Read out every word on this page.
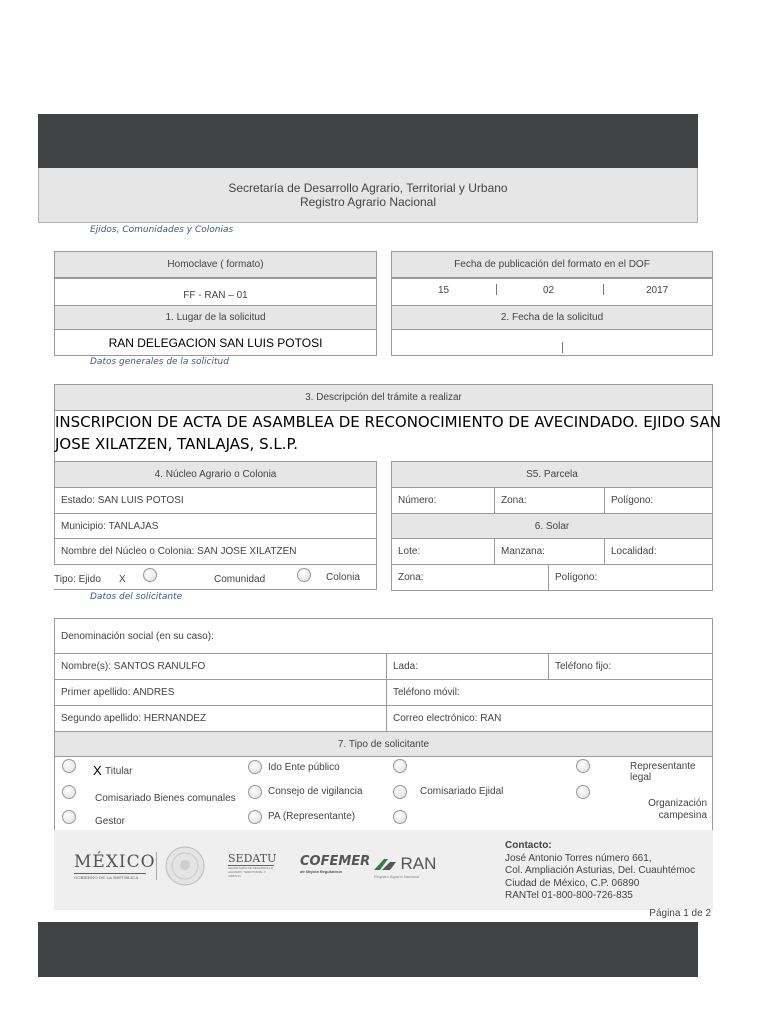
Secretaría de Desarrollo Agrario, Territorial y Urbano
Registro Agrario Nacional
Ejidos, Comunidades y Colonias
Homoclave ( formato)
FF - RAN – 01
1. Lugar de la solicitud
RAN DELEGACION SAN LUIS POTOSI
Fecha de publicación del formato en el DOF
15	02	2017
2. Fecha de la solicitud
Datos generales de la solicitud
3. Descripción del trámite a realizar
INSCRIPCION DE ACTA DE ASAMBLEA DE RECONOCIMIENTO DE AVECINDADO. EJIDO SAN
JOSE XILATZEN, TANLAJAS, S.L.P.
4. Núcleo Agrario o Colonia
Estado: SAN LUIS POTOSI
Municipio: TANLAJAS
Nombre del Núcleo o Colonia: SAN JOSE XILATZEN
Tipo: Ejido X	Comunidad	Colonia
S5. Parcela
Número:	Zona:	Polígono:
6. Solar
Lote:	Manzana:	Localidad:
Zona:	Polígono:
Datos del solicitante
Denominación social (en su caso):
Nombre(s): SANTOS RANULFO	Lada:	Teléfono fijo:
Primer apellido: ANDRES	Teléfono móvil:
Segundo apellido: HERNANDEZ	Correo electrónico: RAN
7. Tipo de solicitante
X Titular	Ido Ente público	Representante legal
Comisariado Bienes comunales
Consejo de vigilancia	Comisariado Ejidal
Organización campesina
Gestor	PA (Representante)
MÉXICO
GOBIERNO DE LA REPÚBLICA
SEDATU
SECRETARÍA DE DESARROLLO AGRARIO, TERRITORIAL Y URBANO
COFEMER
de Mejora Regulatoria	RAN
Registro Agrario Nacional
Contacto:
José Antonio Torres número 661,
Col. Ampliación Asturias, Del. Cuauhtémoc
Ciudad de México, C.P. 06890
RANTel 01-800-800-726-835
Página 1 de 2
